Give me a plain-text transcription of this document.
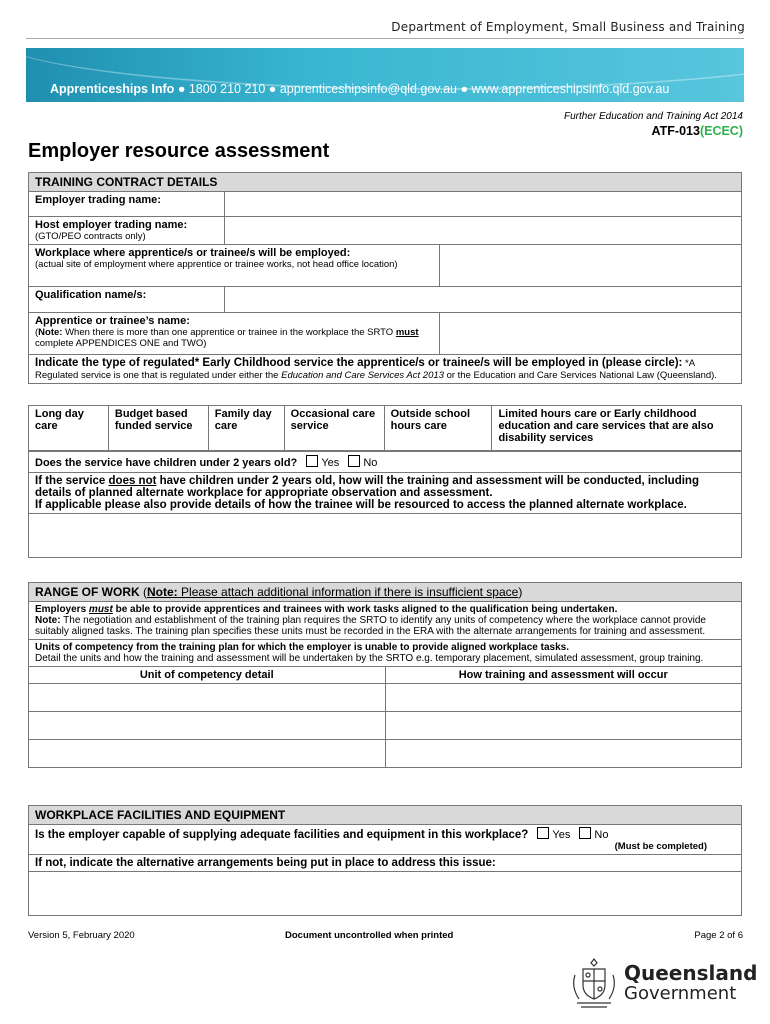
Department of Employment, Small Business and Training
Apprenticeships Info ● 1800 210 210 ● apprenticeshipsinfo@qld.gov.au ● www.apprenticeshipsinfo.qld.gov.au
Further Education and Training Act 2014
ATF-013(ECEC)
Employer resource assessment
TRAINING CONTRACT DETAILS		
Employer trading name:		

Host employer trading name:
(GTO/PEO contracts only)		

Workplace where apprentice/s or trainee/s will be employed:
(actual site of employment where apprentice or trainee works, not head office location)		

Qualification name/s:		

Apprentice or trainee’s name:
(Note: When there is more than one apprentice or trainee in the workplace the SRTO must complete APPENDICES ONE and TWO)		

Indicate the type of regulated* Early Childhood service the apprentice/s or trainee/s will be employed in (please circle): *A Regulated service is one that is regulated under either the Education and Care Services Act 2013 or the Education and Care Services National Law (Queensland).		
Long day care	Budget based funded service	Family day care	Occasional care service	Outside school hours care	Limited hours care or Early childhood education and care services that are also disability services
Does the service have children under 2 years old? Yes No

If the service does not have children under 2 years old, how will the training and assessment will be conducted, including details of planned alternate workplace for appropriate observation and assessment.
If applicable please also provide details of how the trainee will be resourced to access the planned alternate workplace.

RANGE OF WORK (Note: Please attach additional information if there is insufficient space)	

Employers must be able to provide apprentices and trainees with work tasks aligned to the qualification being undertaken.
Note: The negotiation and establishment of the training plan requires the SRTO to identify any units of competency where the workplace cannot provide suitably aligned tasks. The training plan specifies these units must be recorded in the ERA with the alternate arrangements for training and assessment.	

Units of competency from the training plan for which the employer is unable to provide aligned workplace tasks.
Detail the units and how the training and assessment will be undertaken by the SRTO e.g. temporary placement, simulated assessment, group training.	

Unit of competency detail	How training and assessment will occur

WORKPLACE FACILITIES AND EQUIPMENT
Is the employer capable of supplying adequate facilities and equipment in this workplace? Yes No
(Must be completed)

If not, indicate the alternative arrangements being put in place to address this issue:

Version 5, February 2020	Document uncontrolled when printed	Page 2 of 6
Queensland
Government
